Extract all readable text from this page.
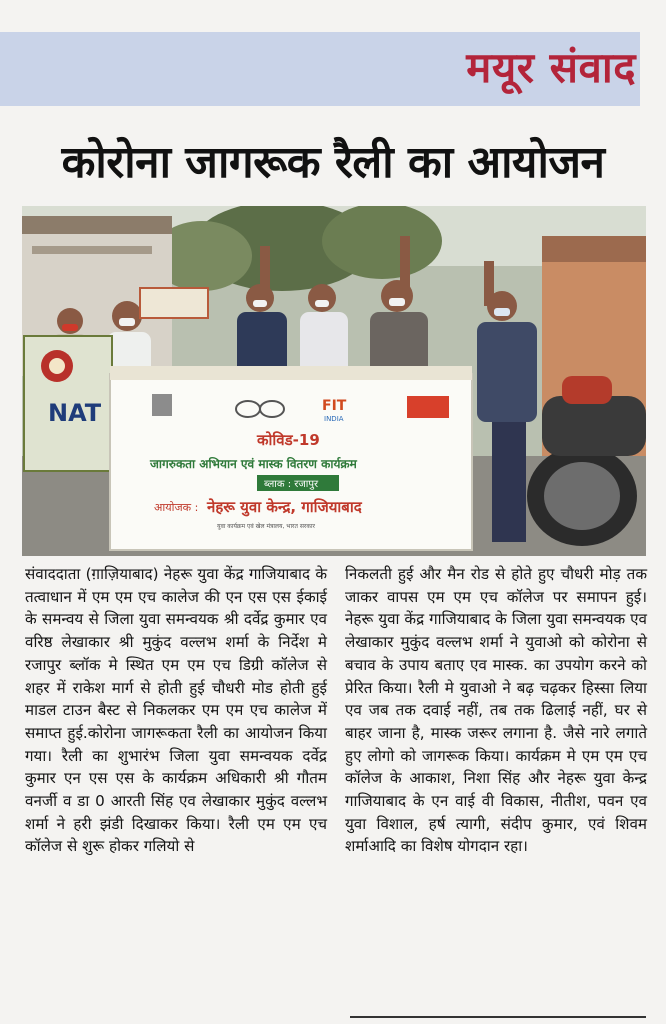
मयूर संवाद
कोरोना जागरूक रैली का आयोजन
NAT	FIT
INDIA
कोविड-19
जागरुकता अभियान एवं मास्क वितरण कार्यक्रम
ब्लाक : रजापुर
आयोजक : नेहरू युवा केन्द्र, गाजियाबाद
युवा कार्यक्रम एवं खेल मंत्रालय, भारत सरकार
संवाददाता (ग़ाज़ियाबाद) नेहरू युवा केंद्र गाजियाबाद के तत्वाधान में एम एम एच कालेज की एन एस एस ईकाई के समन्वय से जिला युवा समन्वयक श्री दर्वेद्र कुमार एव वरिष्ठ लेखाकार श्री मुकुंद वल्लभ शर्मा के निर्देश मे रजापुर ब्लॉक मे स्थित एम एम एच डिग्री कॉलेज से शहर में राकेश मार्ग से होती हुई चौधरी मोड होती हुई माडल टाउन बैस्ट से निकलकर एम एम एच कालेज में समाप्त हुई.कोरोना जागरूकता रैली का आयोजन किया गया। रैली का शुभारंभ जिला युवा समन्वयक दर्वेद्र कुमार एन एस एस के कार्यक्रम अधिकारी श्री गौतम वनर्जी व डा 0 आरती सिंह एव लेखाकार मुकुंद वल्लभ शर्मा ने हरी झंडी दिखाकर किया। रैली एम एम एच कॉलेज से शुरू होकर गलियो से
निकलती हुई और मैन रोड से होते हुए चौधरी मोड़ तक जाकर वापस एम एम एच कॉलेज पर समापन हुई। नेहरू युवा केंद्र गाजियाबाद के जिला युवा समन्वयक एव लेखाकार मुकुंद वल्लभ शर्मा ने युवाओ को कोरोना से बचाव के उपाय बताए एव मास्क. का उपयोग करने को प्रेरित किया। रैली मे युवाओ ने बढ़ चढ़कर हिस्सा लिया एव जब तक दवाई नहीं, तब तक ढिलाई नहीं, घर से बाहर जाना है, मास्क जरूर लगाना है. जैसे नारे लगाते हुए लोगो को जागरूक किया। कार्यक्रम मे एम एम एच कॉलेज के आकाश, निशा सिंह और नेहरू युवा केन्द्र गाजियाबाद के एन वाई वी विकास, नीतीश, पवन एव युवा विशाल, हर्ष त्यागी, संदीप कुमार, एवं शिवम शर्माआदि का विशेष योगदान रहा।
